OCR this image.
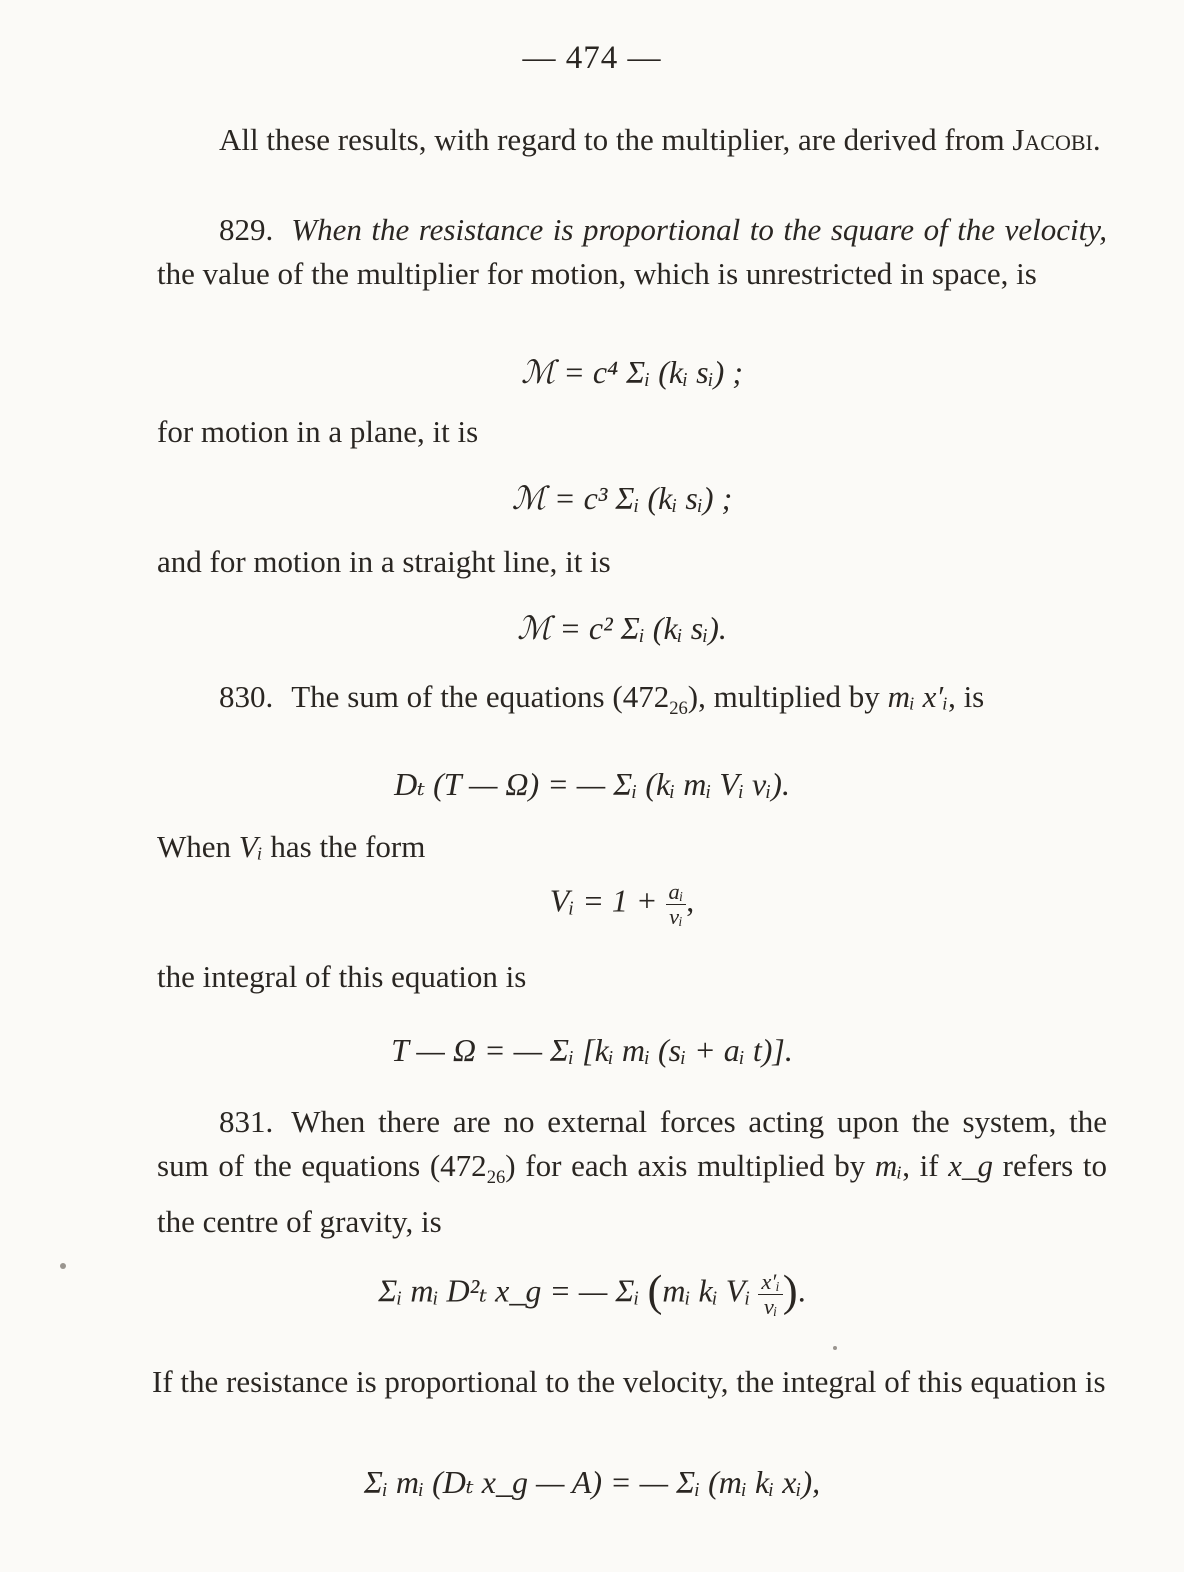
— 474 —
All these results, with regard to the multiplier, are derived from Jacobi.
829. When the resistance is proportional to the square of the velocity, the value of the multiplier for motion, which is unrestricted in space, is
ℳ = c⁴ Σᵢ (kᵢ sᵢ) ;
for motion in a plane, it is
ℳ = c³ Σᵢ (kᵢ sᵢ) ;
and for motion in a straight line, it is
ℳ = c² Σᵢ (kᵢ sᵢ).
830. The sum of the equations $(472_{26})$, multiplied by mᵢ x′ᵢ, is
Dₜ (T — Ω) = — Σᵢ (kᵢ mᵢ Vᵢ vᵢ).
When Vᵢ has the form
Vᵢ = $1 + \frac{\text{aᵢ}}{\text{vᵢ}}$ ,
the integral of this equation is
T — Ω = — Σᵢ [kᵢ mᵢ (sᵢ + aᵢ t)].
831. When there are no external forces acting upon the system, the sum of the equations $(472_{26})$ for each axis multiplied by mᵢ, if x_g refers to the centre of gravity, is
Σᵢ mᵢ D²ₜ x_g = — Σᵢ (mᵢ kᵢ Vᵢ $\frac{\text{x′ᵢ}}{\text{vᵢ}}$ ).
If the resistance is proportional to the velocity, the integral of this equation is
Σᵢ mᵢ (Dₜ x_g — A) = — Σᵢ (mᵢ kᵢ xᵢ),
